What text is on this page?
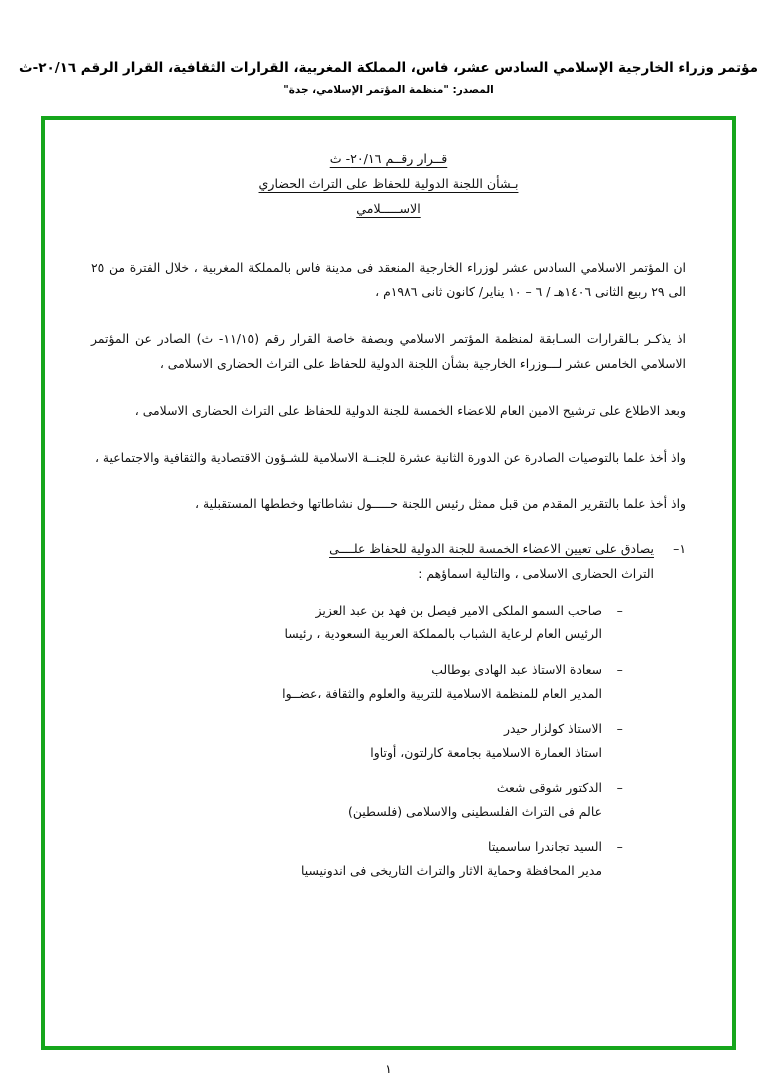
مؤتمر وزراء الخارجية الإسلامي السادس عشر، فاس، المملكة المغربية، القرارات الثقافية، القرار الرقم ٢٠/١٦-ث
المصدر: "منظمة المؤتمر الإسلامي، جدة"
قــرار رقــم ٢٠/١٦- ث
بـشأن اللجنة الدولية للحفاظ على التراث الحضاري
الاســـــلامي

ان المؤتمر الاسلامي السادس عشر لوزراء الخارجية المنعقد فى مدينة فاس بالمملكة المغربية ، خلال الفترة من ٢٥ الى ٢٩ ربيع الثانى ١٤٠٦هـ / ٦ – ١٠ يناير/ كانون ثانى ١٩٨٦م ،

اذ يذكـر بـالقرارات السـابقة لمنظمة المؤتمر الاسلامي وبصفة خاصة القرار رقم (١١/١٥- ث) الصادر عن المؤتمر الاسلامي الخامس عشر لـــوزراء الخارجية بشأن اللجنة الدولية للحفاظ على التراث الحضارى الاسلامى ،

وبعد الاطلاع على ترشيح الامين العام للاعضاء الخمسة للجنة الدولية للحفاظ على التراث الحضارى الاسلامى ،

واذ أخذ علما بالتوصيات الصادرة عن الدورة الثانية عشرة للجنــة الاسلامية للشـؤون الاقتصادية والثقافية والاجتماعية ،

واذ أخذ علما بالتقرير المقدم من قبل ممثل رئيس اللجنة حـــــول نشاطاتها وخططها المستقبلية ،

١–
يصادق على تعيين الاعضاء الخمسة للجنة الدولية للحفاظ علــــى
التراث الحضارى الاسلامى ، والتالية اسماؤهم :
–
صاحب السمو الملكى الامير فيصل بن فهد بن عبد العزيز
الرئيس العام لرعاية الشباب بالمملكة العربية السعودية ، رئيسا
–
سعادة الاستاذ عبد الهادى بوطالب
المدير العام للمنظمة الاسلامية للتربية والعلوم والثقافة ،عضــوا
–
الاستاذ كولزار حيدر
استاذ العمارة الاسلامية بجامعة كارلتون، أوتاوا
–
الدكتور شوقى شعث
عالم فى التراث الفلسطينى والاسلامى (فلسطين)
–
السيد تجاندرا ساسميتا
مدير المحافظة وحماية الاثار والتراث التاريخى فى اندونيسيا
١
